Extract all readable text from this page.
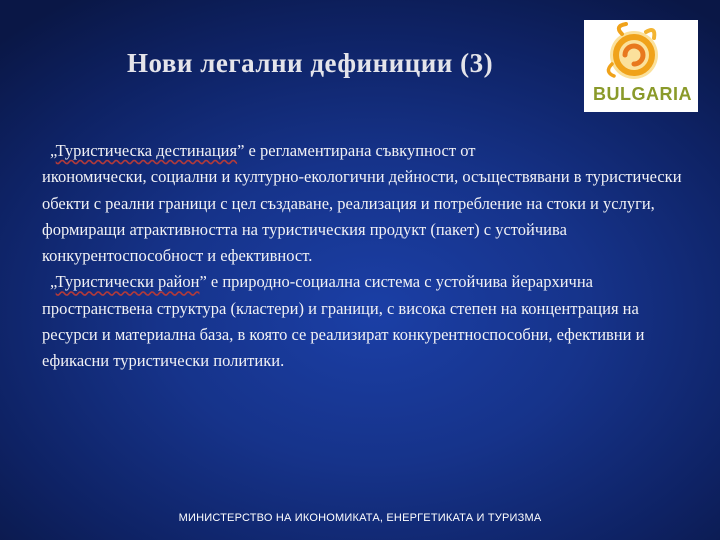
Нови легални дефиниции (3)
BULGARIA

„Туристическа дестинация” е регламентирана съвкупност от
икономически, социални и културно-екологични дейности, осъществявани в туристически обекти с реални граници с цел създаване, реализация и потребление на стоки и услуги, формиращи атрактивността на туристическия продукт (пакет) с устойчива конкурентоспособност и ефективност.

„Туристически район” е природно-социална система с устойчива йерархична пространствена структура (кластери) и граници, с висока степен на концентрация на ресурси и материална база, в която се реализират конкурентноспособни, ефективни и ефикасни туристически политики.

МИНИСТЕРСТВО НА ИКОНОМИКАТА, ЕНЕРГЕТИКАТА И ТУРИЗМА
